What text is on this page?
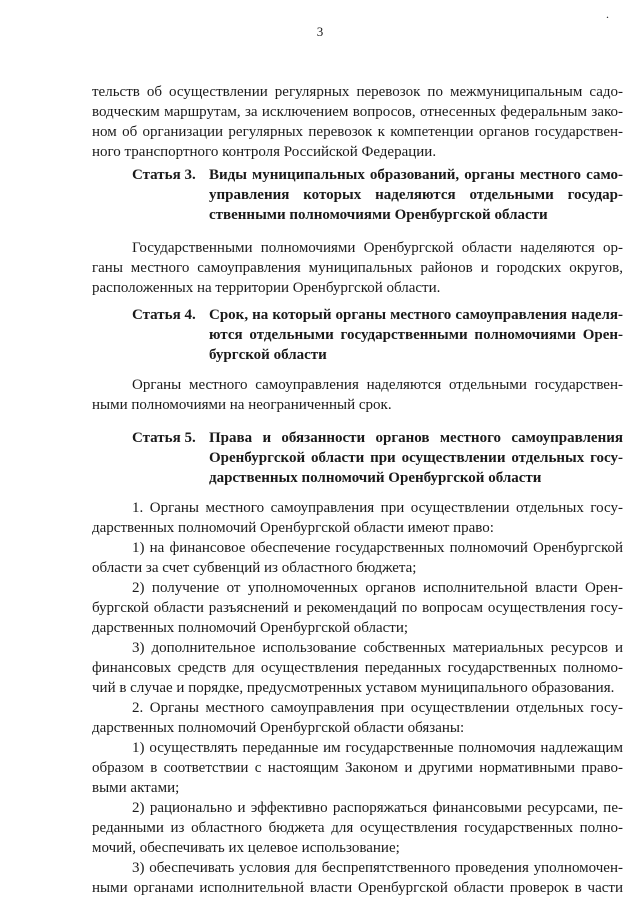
.
3
тельств об осуществлении регулярных перевозок по межмуниципальным садо-
водческим маршрутам, за исключением вопросов, отнесенных федеральным зако-
ном об организации регулярных перевозок к компетенции органов государствен-
ного транспортного контроля Российской Федерации.
Статья 3. Виды муниципальных образований, органы местного само-
управления которых наделяются отдельными государ-
ственными полномочиями Оренбургской области
Государственными полномочиями Оренбургской области наделяются ор-
ганы местного самоуправления муниципальных районов и городских округов,
расположенных на территории Оренбургской области.
Статья 4. Срок, на который органы местного самоуправления наделя-
ются отдельными государственными полномочиями Орен-
бургской области
Органы местного самоуправления наделяются отдельными государствен-
ными полномочиями на неограниченный срок.
Статья 5. Права и обязанности органов местного самоуправления
Оренбургской области при осуществлении отдельных госу-
дарственных полномочий Оренбургской области
1. Органы местного самоуправления при осуществлении отдельных госу-
дарственных полномочий Оренбургской области имеют право:
1) на финансовое обеспечение государственных полномочий Оренбургской
области за счет субвенций из областного бюджета;
2) получение от уполномоченных органов исполнительной власти Орен-
бургской области разъяснений и рекомендаций по вопросам осуществления госу-
дарственных полномочий Оренбургской области;
3) дополнительное использование собственных материальных ресурсов и
финансовых средств для осуществления переданных государственных полномо-
чий в случае и порядке, предусмотренных уставом муниципального образования.
2. Органы местного самоуправления при осуществлении отдельных госу-
дарственных полномочий Оренбургской области обязаны:
1) осуществлять переданные им государственные полномочия надлежащим
образом в соответствии с настоящим Законом и другими нормативными право-
выми актами;
2) рационально и эффективно распоряжаться финансовыми ресурсами, пе-
реданными из областного бюджета для осуществления государственных полно-
мочий, обеспечивать их целевое использование;
3) обеспечивать условия для беспрепятственного проведения уполномочен-
ными органами исполнительной власти Оренбургской области проверок в части
